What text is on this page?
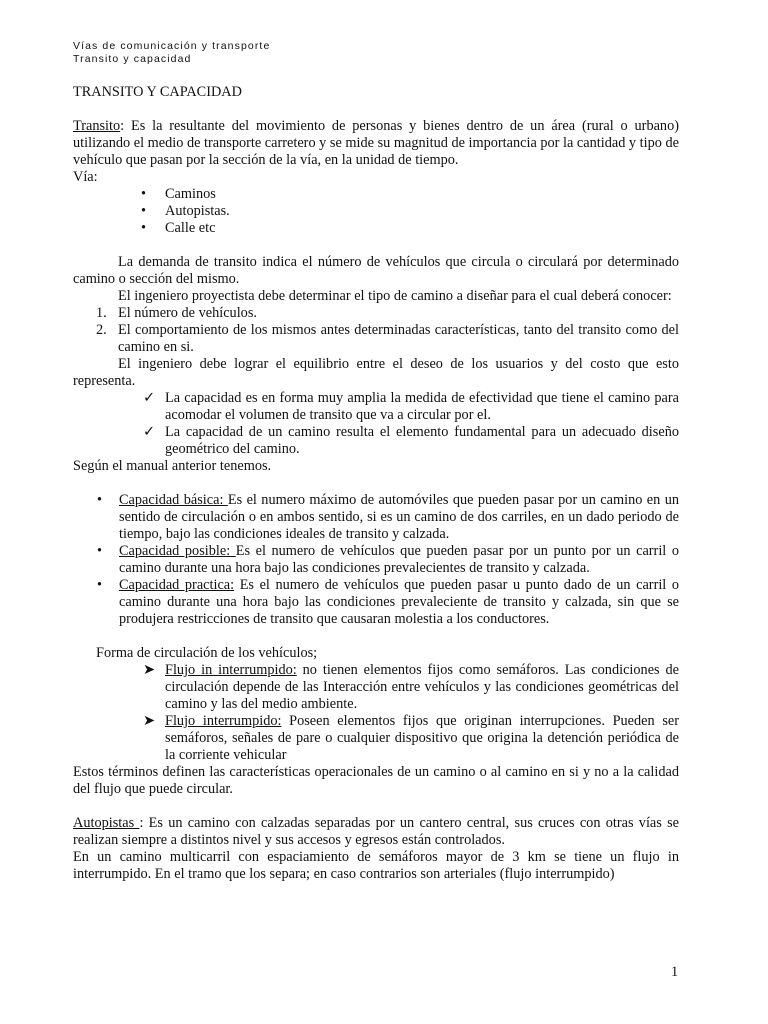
Vías de comunicación y transporte
Transito y capacidad

TRANSITO Y CAPACIDAD

Transito: Es la resultante del movimiento de personas y bienes dentro de un área (rural o urbano) utilizando el medio de transporte carretero y se mide su magnitud de importancia por la cantidad y tipo de vehículo que pasan por la sección de la vía, en la unidad de tiempo.

Vía:

• Caminos
• Autopistas.
• Calle etc

La demanda de transito indica el número de vehículos que circula o circulará por determinado camino o sección del mismo.

El ingeniero proyectista debe determinar el tipo de camino a diseñar para el cual deberá conocer:

1. El número de vehículos.
2. El comportamiento de los mismos antes determinadas características, tanto del transito como del camino en si.

El ingeniero debe lograr el equilibrio entre el deseo de los usuarios y del costo que esto representa.

✓ La capacidad es en forma muy amplia la medida de efectividad que tiene el camino para acomodar el volumen de transito que va a circular por el.
✓ La capacidad de un camino resulta el elemento fundamental para un adecuado diseño geométrico del camino.

Según el manual anterior tenemos.

• Capacidad básica: Es el numero máximo de automóviles que pueden pasar por un camino en un sentido de circulación o en ambos sentido, si es un camino de dos carriles, en un dado periodo de tiempo, bajo las condiciones ideales de transito y calzada.
• Capacidad posible: Es el numero de vehículos que pueden pasar por un punto por un carril o camino durante una hora bajo las condiciones prevalecientes de transito y calzada.
• Capacidad practica: Es el numero de vehículos que pueden pasar u punto dado de un carril o camino durante una hora bajo las condiciones prevaleciente de transito y calzada, sin que se produjera restricciones de transito que causaran molestia a los conductores.

Forma de circulación de los vehículos;

➤ Flujo in interrumpido: no tienen elementos fijos como semáforos. Las condiciones de circulación depende de las Interacción entre vehículos y las condiciones geométricas del camino y las del medio ambiente.
➤ Flujo interrumpido: Poseen elementos fijos que originan interrupciones. Pueden ser semáforos, señales de pare o cualquier dispositivo que origina la detención periódica de la corriente vehicular

Estos términos definen las características operacionales de un camino o al camino en si y no a la calidad del flujo que puede circular.

Autopistas : Es un camino con calzadas separadas por un cantero central, sus cruces con otras vías se realizan siempre a distintos nivel y sus accesos y egresos están controlados.

En un camino multicarril con espaciamiento de semáforos mayor de 3 km se tiene un flujo in interrumpido. En el tramo que los separa; en caso contrarios son arteriales (flujo interrumpido)

1
